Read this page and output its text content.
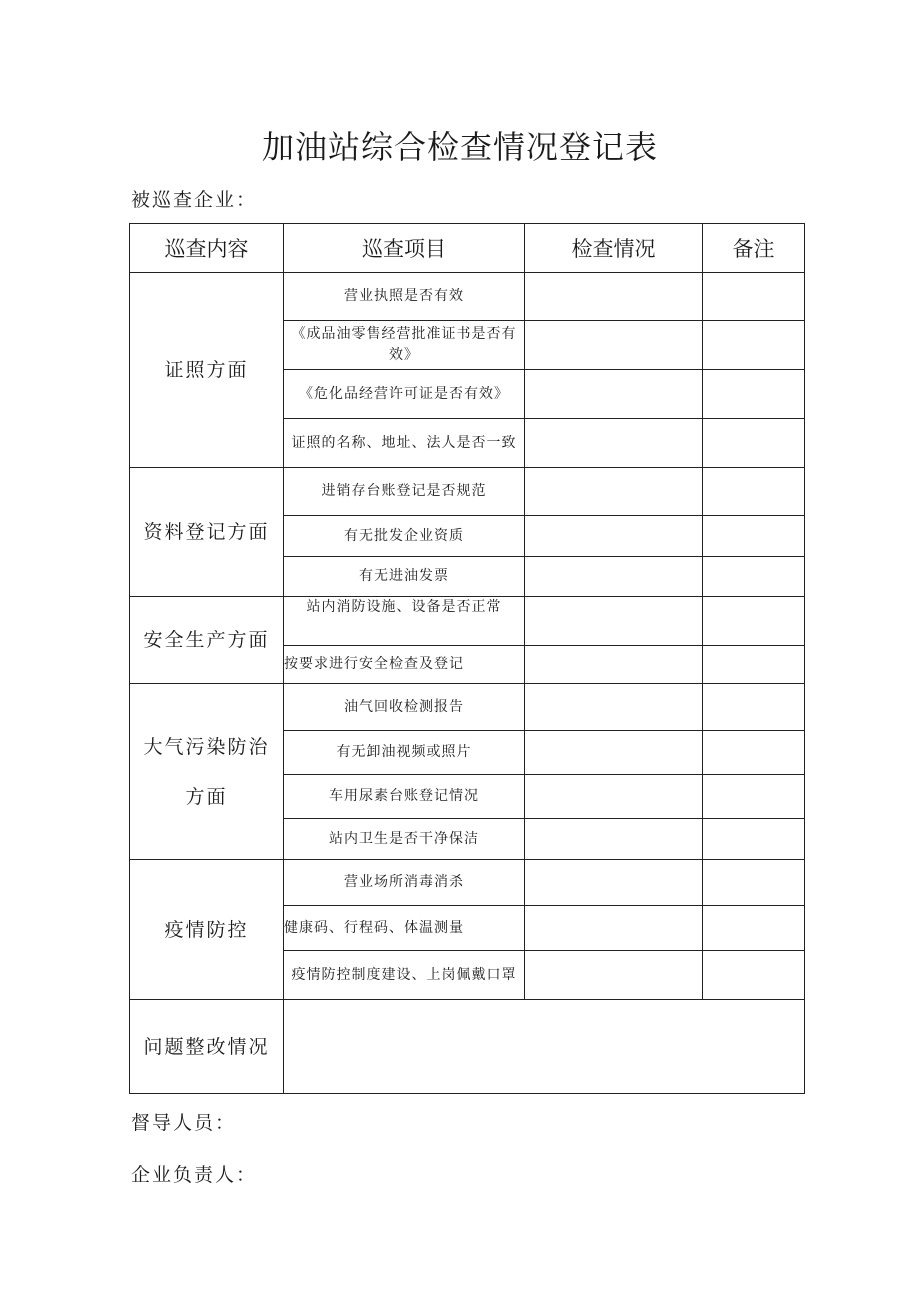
加油站综合检查情况登记表
被巡查企业：
巡查内容	巡查项目	检查情况	备注
证照方面	营业执照是否有效		
	《成品油零售经营批准证书是否有效》		
	《危化品经营许可证是否有效》		
	证照的名称、地址、法人是否一致		
资料登记方面	进销存台账登记是否规范		
	有无批发企业资质		
	有无进油发票		
安全生产方面	站内消防设施、设备是否正常		
	按要求进行安全检查及登记		
大气污染防治方面	油气回收检测报告		
	有无卸油视频或照片		
	车用尿素台账登记情况		
	站内卫生是否干净保洁		
疫情防控	营业场所消毒消杀		
	健康码、行程码、体温测量		
	疫情防控制度建设、上岗佩戴口罩		
问题整改情况			
督导人员：
企业负责人：
